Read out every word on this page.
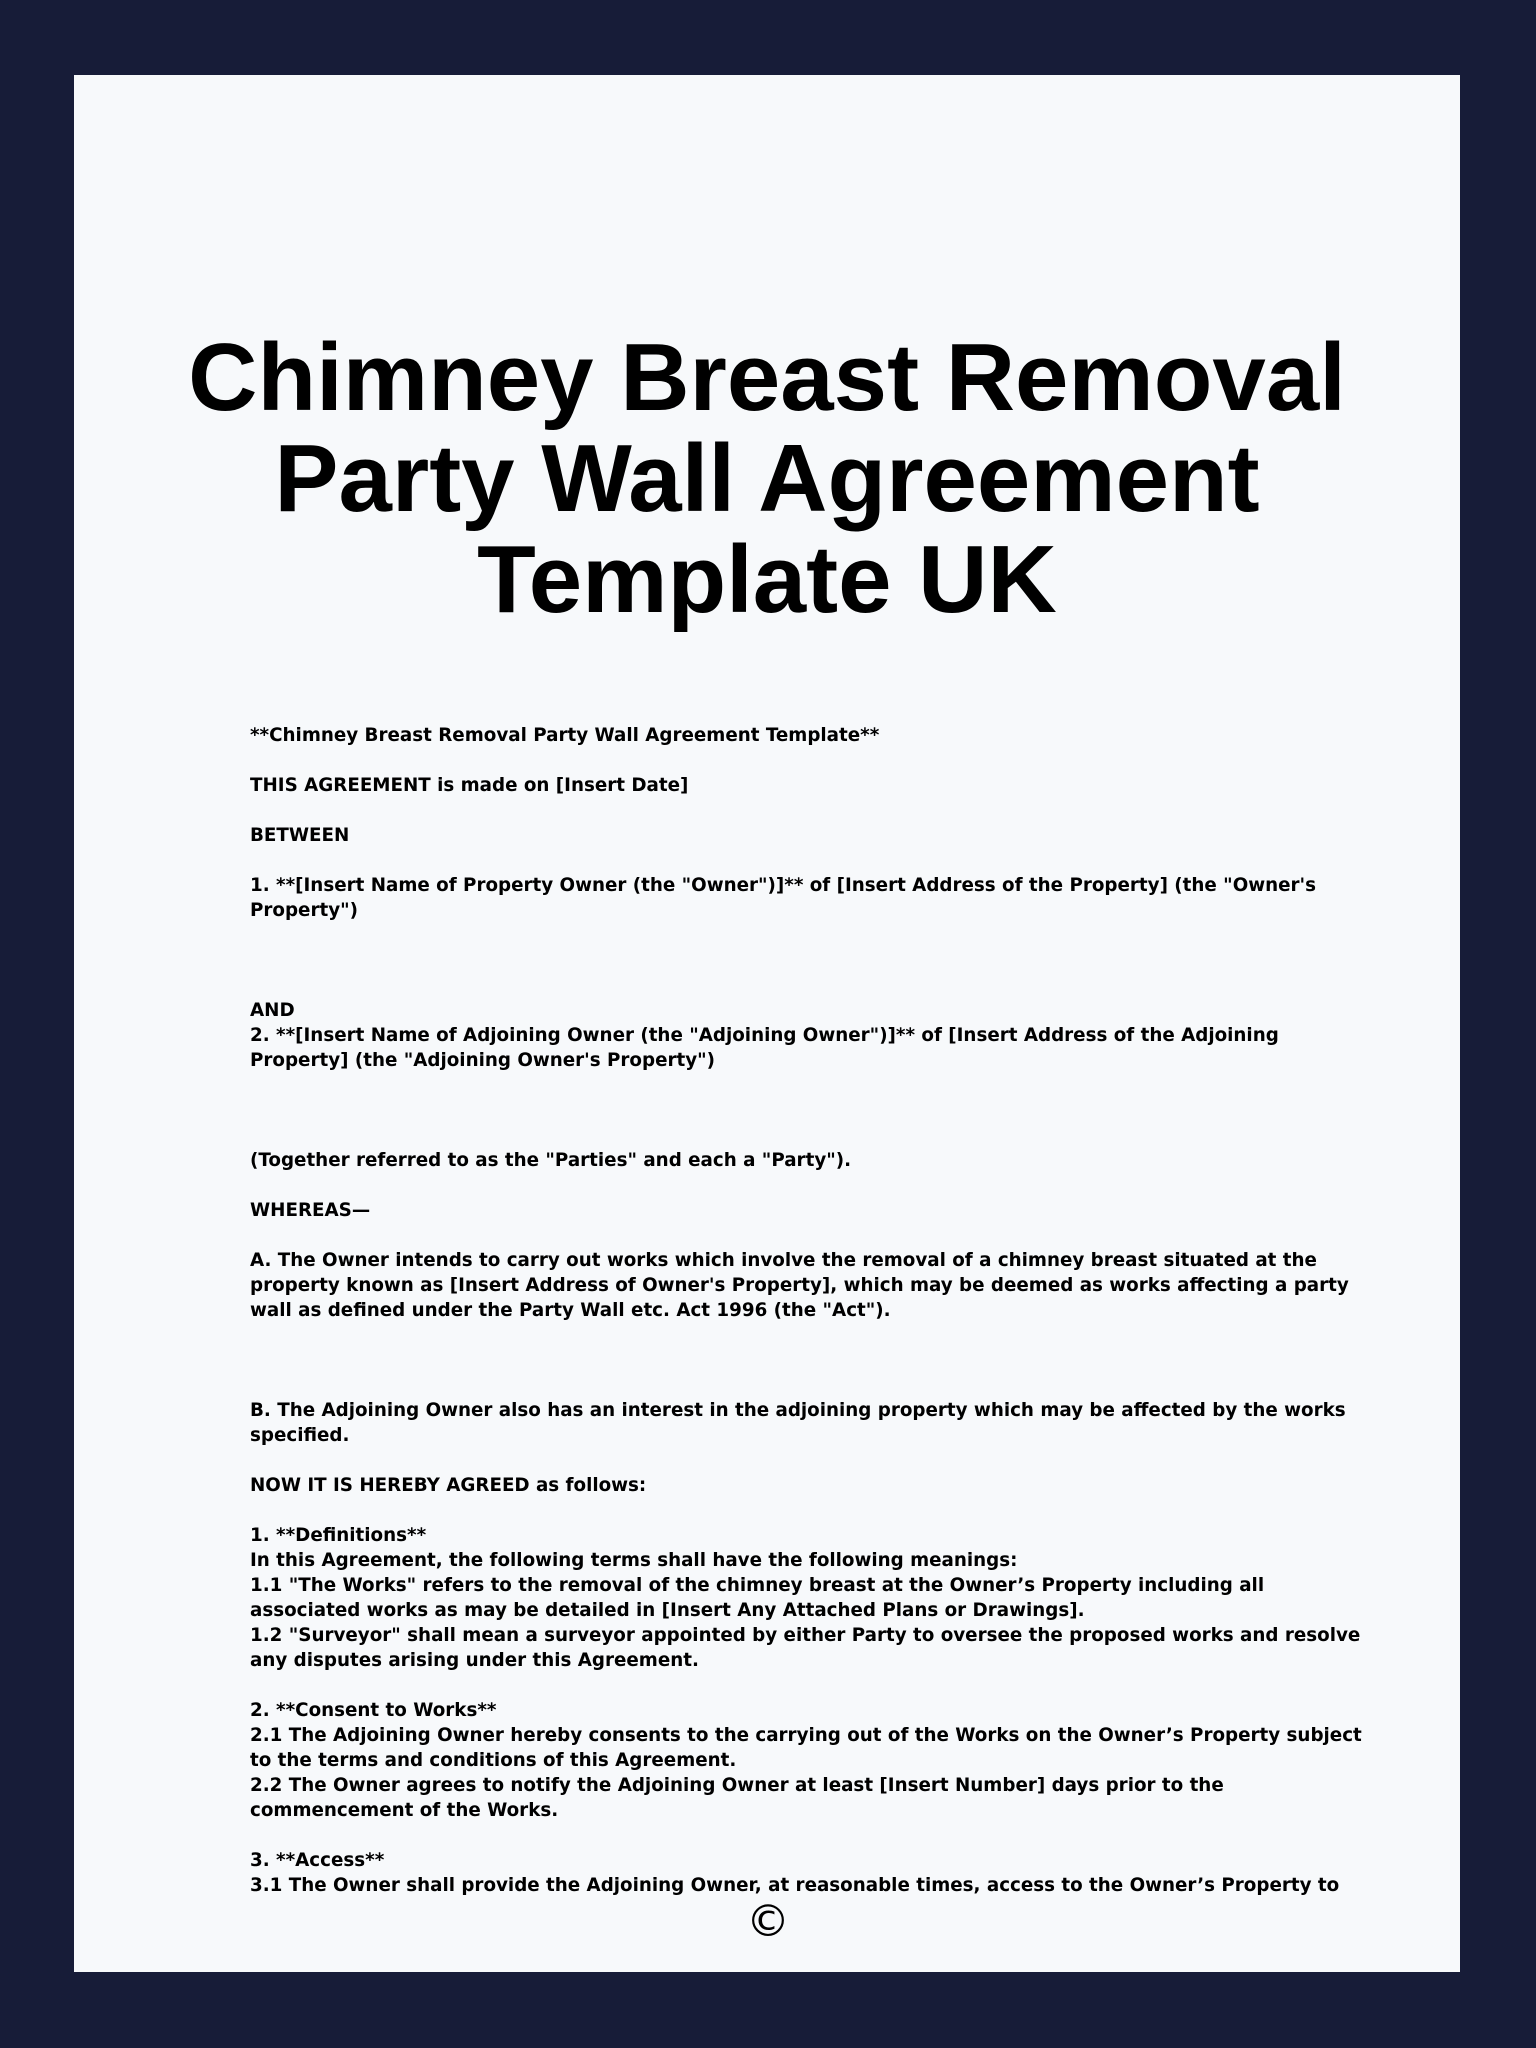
Chimney Breast Removal
Party Wall Agreement
Template UK
**Chimney Breast Removal Party Wall Agreement Template**
THIS AGREEMENT is made on [Insert Date]
BETWEEN
1. **[Insert Name of Property Owner (the "Owner")]** of [Insert Address of the Property] (the "Owner's
Property")
AND
2. **[Insert Name of Adjoining Owner (the "Adjoining Owner")]** of [Insert Address of the Adjoining
Property] (the "Adjoining Owner's Property")
(Together referred to as the "Parties" and each a "Party").
WHEREAS—
A. The Owner intends to carry out works which involve the removal of a chimney breast situated at the
property known as [Insert Address of Owner's Property], which may be deemed as works affecting a party
wall as defined under the Party Wall etc. Act 1996 (the "Act").
B. The Adjoining Owner also has an interest in the adjoining property which may be affected by the works
specified.
NOW IT IS HEREBY AGREED as follows:
1. **Definitions**
In this Agreement, the following terms shall have the following meanings:
1.1 "The Works" refers to the removal of the chimney breast at the Owner’s Property including all
associated works as may be detailed in [Insert Any Attached Plans or Drawings].
1.2 "Surveyor" shall mean a surveyor appointed by either Party to oversee the proposed works and resolve
any disputes arising under this Agreement.
2. **Consent to Works**
2.1 The Adjoining Owner hereby consents to the carrying out of the Works on the Owner’s Property subject
to the terms and conditions of this Agreement.
2.2 The Owner agrees to notify the Adjoining Owner at least [Insert Number] days prior to the
commencement of the Works.
3. **Access**
3.1 The Owner shall provide the Adjoining Owner, at reasonable times, access to the Owner’s Property to
©
